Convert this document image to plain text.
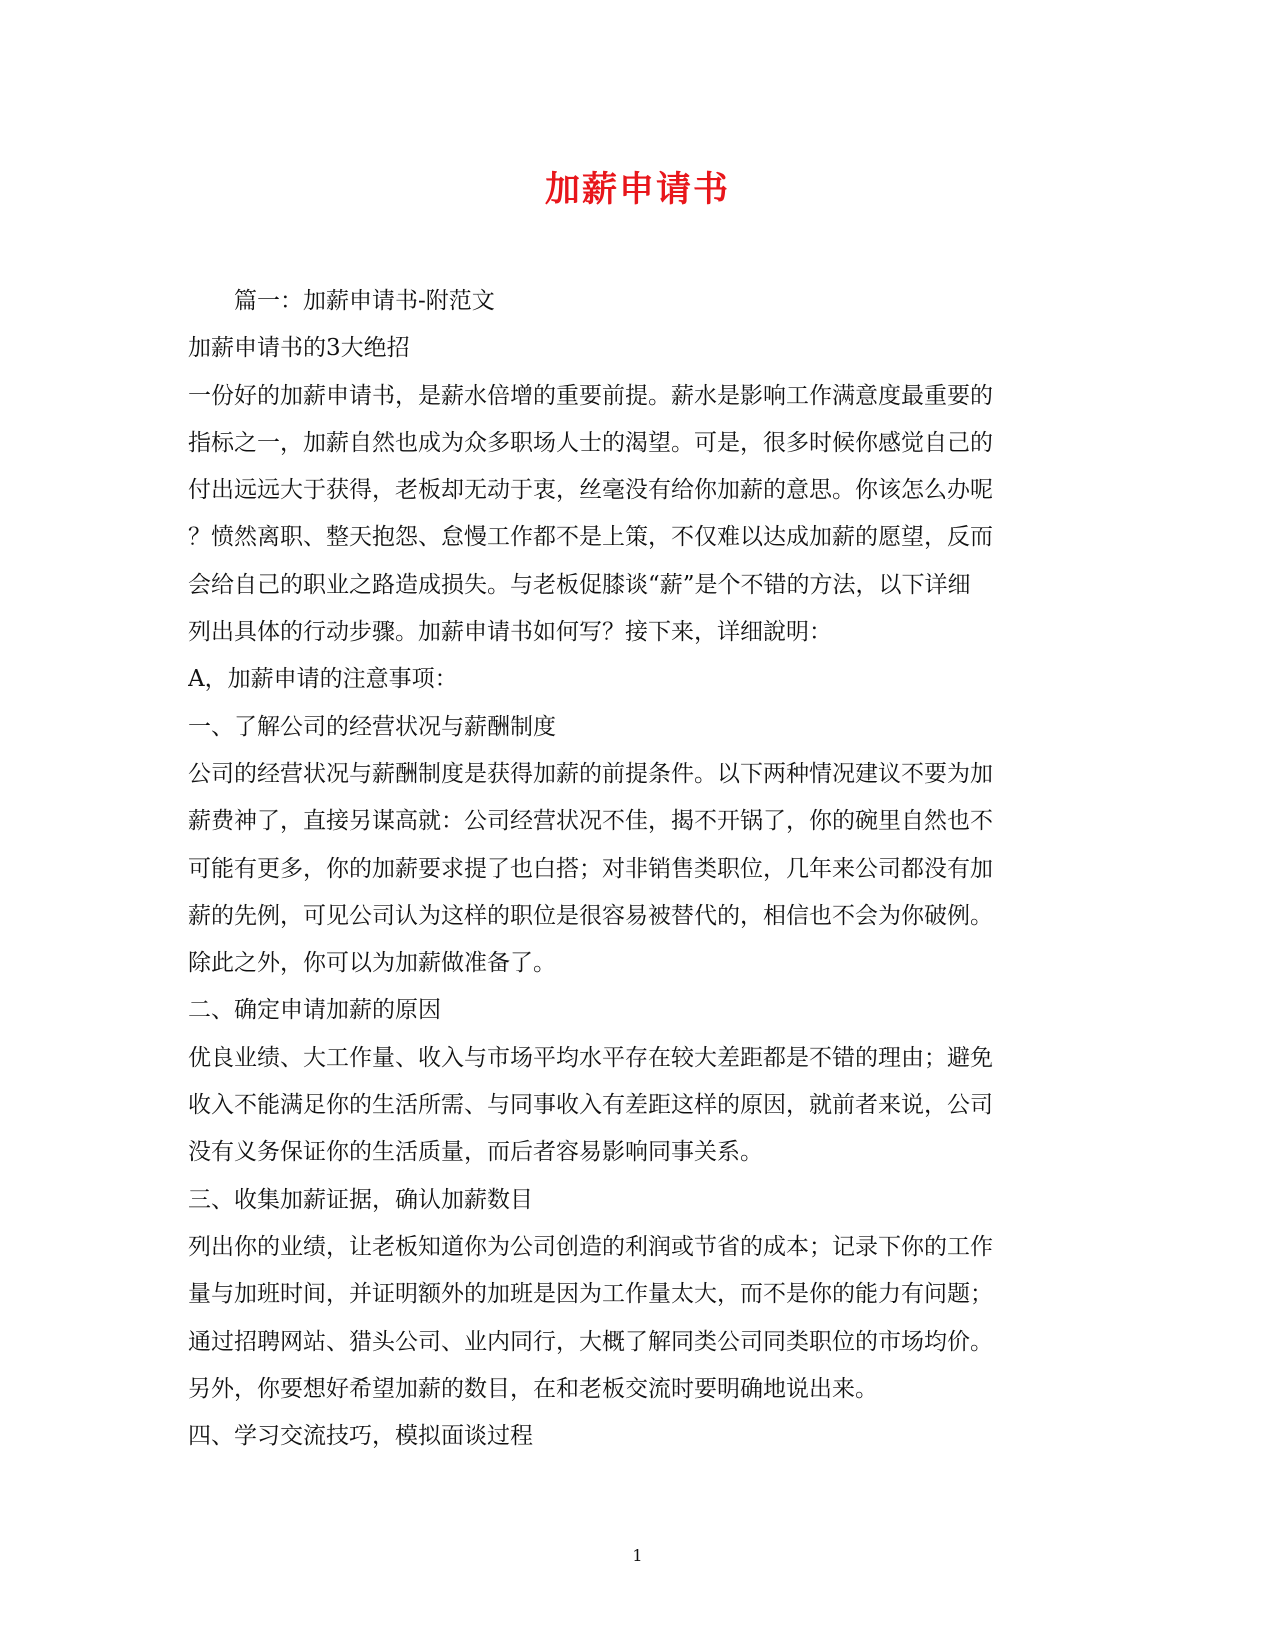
加薪申请书
篇一：加薪申请书-附范文
加薪申请书的3大绝招
一份好的加薪申请书，是薪水倍增的重要前提。薪水是影响工作满意度最重要的
指标之一，加薪自然也成为众多职场人士的渴望。可是，很多时候你感觉自己的
付出远远大于获得，老板却无动于衷，丝毫没有给你加薪的意思。你该怎么办呢
？愤然离职、整天抱怨、怠慢工作都不是上策，不仅难以达成加薪的愿望，反而
会给自己的职业之路造成损失。与老板促膝谈“薪”是个不错的方法，以下详细
列出具体的行动步骤。加薪申请书如何写？接下来，详细說明：
A，加薪申请的注意事项：
一、了解公司的经营状况与薪酬制度
公司的经营状况与薪酬制度是获得加薪的前提条件。以下两种情况建议不要为加
薪费神了，直接另谋高就：公司经营状况不佳，揭不开锅了，你的碗里自然也不
可能有更多，你的加薪要求提了也白搭；对非销售类职位，几年来公司都没有加
薪的先例，可见公司认为这样的职位是很容易被替代的，相信也不会为你破例。
除此之外，你可以为加薪做准备了。
二、确定申请加薪的原因
优良业绩、大工作量、收入与市场平均水平存在较大差距都是不错的理由；避免
收入不能满足你的生活所需、与同事收入有差距这样的原因，就前者来说，公司
没有义务保证你的生活质量，而后者容易影响同事关系。
三、收集加薪证据，确认加薪数目
列出你的业绩，让老板知道你为公司创造的利润或节省的成本；记录下你的工作
量与加班时间，并证明额外的加班是因为工作量太大，而不是你的能力有问题；
通过招聘网站、猎头公司、业内同行，大概了解同类公司同类职位的市场均价。
另外，你要想好希望加薪的数目，在和老板交流时要明确地说出来。
四、学习交流技巧，模拟面谈过程
1
